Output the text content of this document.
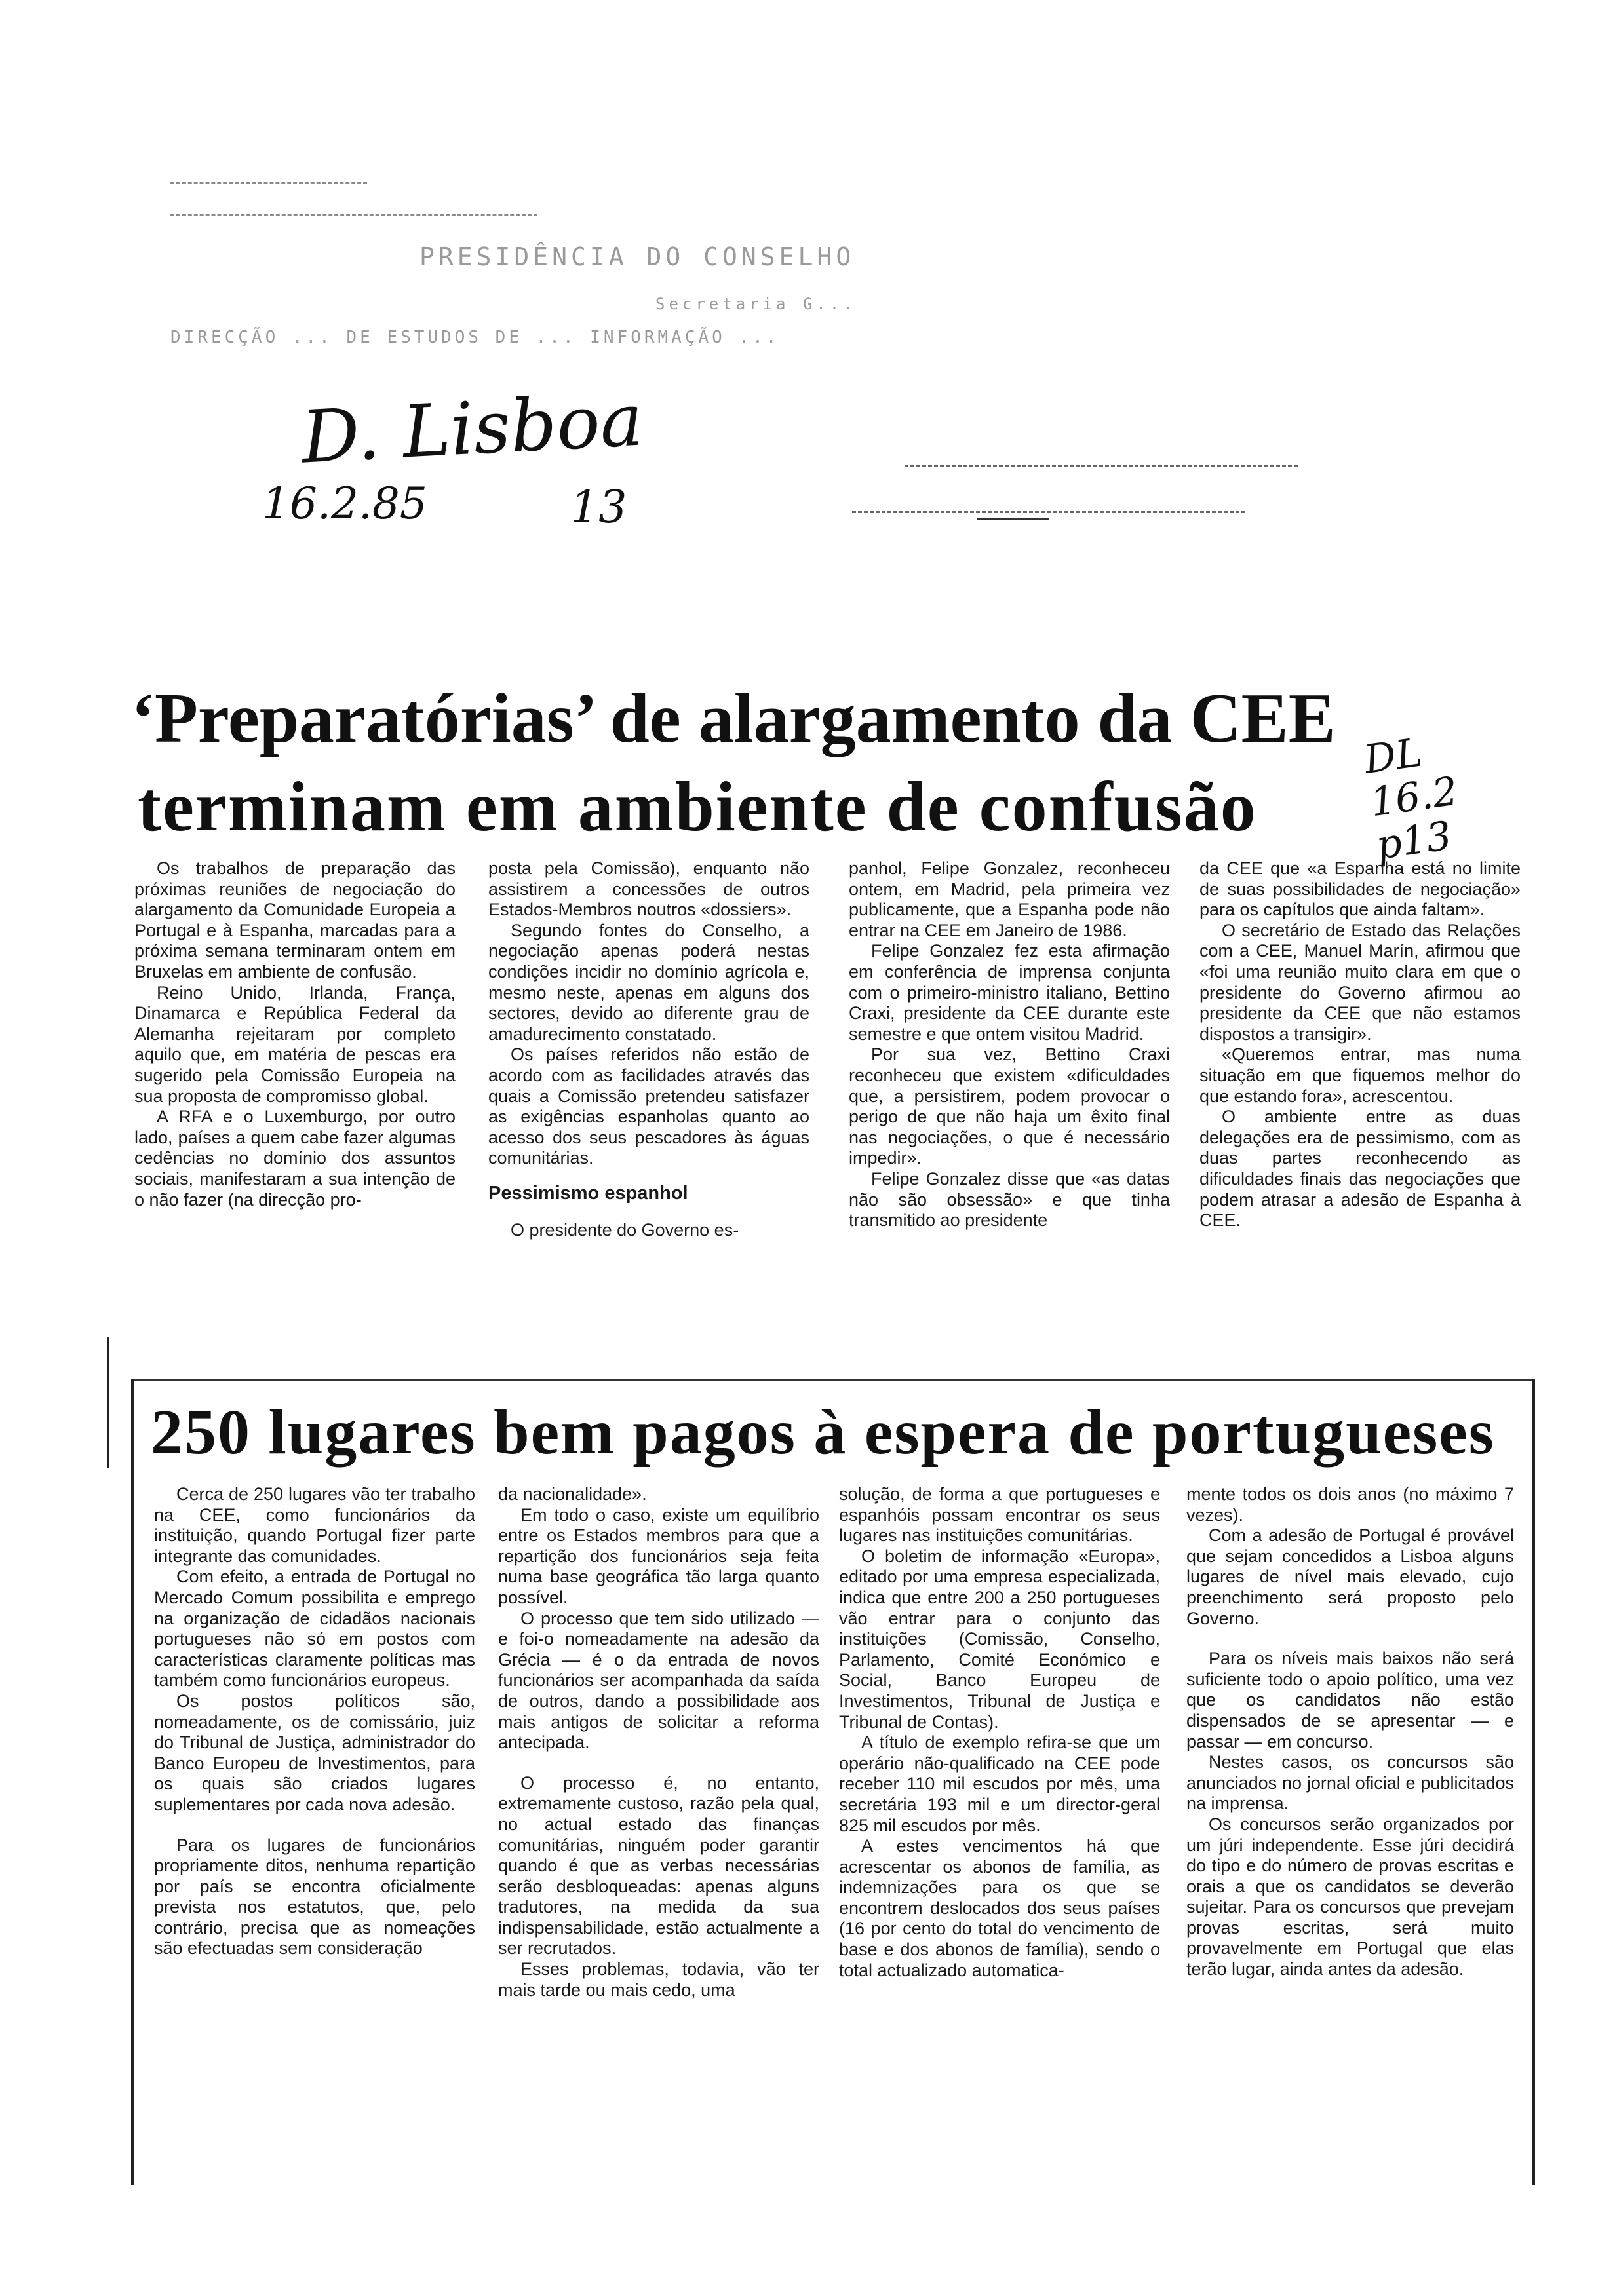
PRESIDÊNCIA DO CONSELHO
Secretaria G...
DIRECÇÃO ... DE ESTUDOS DE ... INFORMAÇÃO ...
D. Lisboa
16.2.85	13
DL 16.2 p13
‘Preparatórias’ de alargamento da CEE
terminam em ambiente de confusão

Os trabalhos de preparação das próximas reuniões de negociação do alargamento da Comunidade Europeia a Portugal e à Espanha, marcadas para a próxima semana terminaram ontem em Bruxelas em ambiente de confusão.

Reino Unido, Irlanda, França, Dinamarca e República Federal da Alemanha rejeitaram por completo aquilo que, em matéria de pescas era sugerido pela Comissão Europeia na sua proposta de compromisso global.

A RFA e o Luxemburgo, por outro lado, países a quem cabe fazer algumas cedências no domínio dos assuntos sociais, manifestaram a sua intenção de o não fazer (na direcção pro-

posta pela Comissão), enquanto não assistirem a concessões de outros Estados-Membros noutros «dossiers».

Segundo fontes do Conselho, a negociação apenas poderá nestas condições incidir no domínio agrícola e, mesmo neste, apenas em alguns dos sectores, devido ao diferente grau de amadurecimento constatado.

Os países referidos não estão de acordo com as facilidades através das quais a Comissão pretendeu satisfazer as exigências espanholas quanto ao acesso dos seus pescadores às águas comunitárias.

Pessimismo espanhol

O presidente do Governo es-

panhol, Felipe Gonzalez, reconheceu ontem, em Madrid, pela primeira vez publicamente, que a Espanha pode não entrar na CEE em Janeiro de 1986.

Felipe Gonzalez fez esta afirmação em conferência de imprensa conjunta com o primeiro-ministro italiano, Bettino Craxi, presidente da CEE durante este semestre e que ontem visitou Madrid.

Por sua vez, Bettino Craxi reconheceu que existem «dificuldades que, a persistirem, podem provocar o perigo de que não haja um êxito final nas negociações, o que é necessário impedir».

Felipe Gonzalez disse que «as datas não são obsessão» e que tinha transmitido ao presidente

da CEE que «a Espanha está no limite de suas possibilidades de negociação» para os capítulos que ainda faltam».

O secretário de Estado das Relações com a CEE, Manuel Marín, afirmou que «foi uma reunião muito clara em que o presidente do Governo afirmou ao presidente da CEE que não estamos dispostos a transigir».

«Queremos entrar, mas numa situação em que fiquemos melhor do que estando fora», acrescentou.

O ambiente entre as duas delegações era de pessimismo, com as duas partes reconhecendo as dificuldades finais das negociações que podem atrasar a adesão de Espanha à CEE.

250 lugares bem pagos à espera de portugueses

Cerca de 250 lugares vão ter trabalho na CEE, como funcionários da instituição, quando Portugal fizer parte integrante das comunidades.

Com efeito, a entrada de Portugal no Mercado Comum possibilita e emprego na organização de cidadãos nacionais portugueses não só em postos com características claramente políticas mas também como funcionários europeus.

Os postos políticos são, nomeadamente, os de comissário, juiz do Tribunal de Justiça, administrador do Banco Europeu de Investimentos, para os quais são criados lugares suplementares por cada nova adesão.

Para os lugares de funcionários propriamente ditos, nenhuma repartição por país se encontra oficialmente prevista nos estatutos, que, pelo contrário, precisa que as nomeações são efectuadas sem consideração

da nacionalidade».

Em todo o caso, existe um equilíbrio entre os Estados membros para que a repartição dos funcionários seja feita numa base geográfica tão larga quanto possível.

O processo que tem sido utilizado — e foi-o nomeadamente na adesão da Grécia — é o da entrada de novos funcionários ser acompanhada da saída de outros, dando a possibilidade aos mais antigos de solicitar a reforma antecipada.

O processo é, no entanto, extremamente custoso, razão pela qual, no actual estado das finanças comunitárias, ninguém poder garantir quando é que as verbas necessárias serão desbloqueadas: apenas alguns tradutores, na medida da sua indispensabilidade, estão actualmente a ser recrutados.

Esses problemas, todavia, vão ter mais tarde ou mais cedo, uma

solução, de forma a que portugueses e espanhóis possam encontrar os seus lugares nas instituições comunitárias.

O boletim de informação «Europa», editado por uma empresa especializada, indica que entre 200 a 250 portugueses vão entrar para o conjunto das instituições (Comissão, Conselho, Parlamento, Comité Económico e Social, Banco Europeu de Investimentos, Tribunal de Justiça e Tribunal de Contas).

A título de exemplo refira-se que um operário não-qualificado na CEE pode receber 110 mil escudos por mês, uma secretária 193 mil e um director-geral 825 mil escudos por mês.

A estes vencimentos há que acrescentar os abonos de família, as indemnizações para os que se encontrem deslocados dos seus países (16 por cento do total do vencimento de base e dos abonos de família), sendo o total actualizado automatica-

mente todos os dois anos (no máximo 7 vezes).

Com a adesão de Portugal é provável que sejam concedidos a Lisboa alguns lugares de nível mais elevado, cujo preenchimento será proposto pelo Governo.

Para os níveis mais baixos não será suficiente todo o apoio político, uma vez que os candidatos não estão dispensados de se apresentar — e passar — em concurso.

Nestes casos, os concursos são anunciados no jornal oficial e publicitados na imprensa.

Os concursos serão organizados por um júri independente. Esse júri decidirá do tipo e do número de provas escritas e orais a que os candidatos se deverão sujeitar. Para os concursos que prevejam provas escritas, será muito provavelmente em Portugal que elas terão lugar, ainda antes da adesão.
